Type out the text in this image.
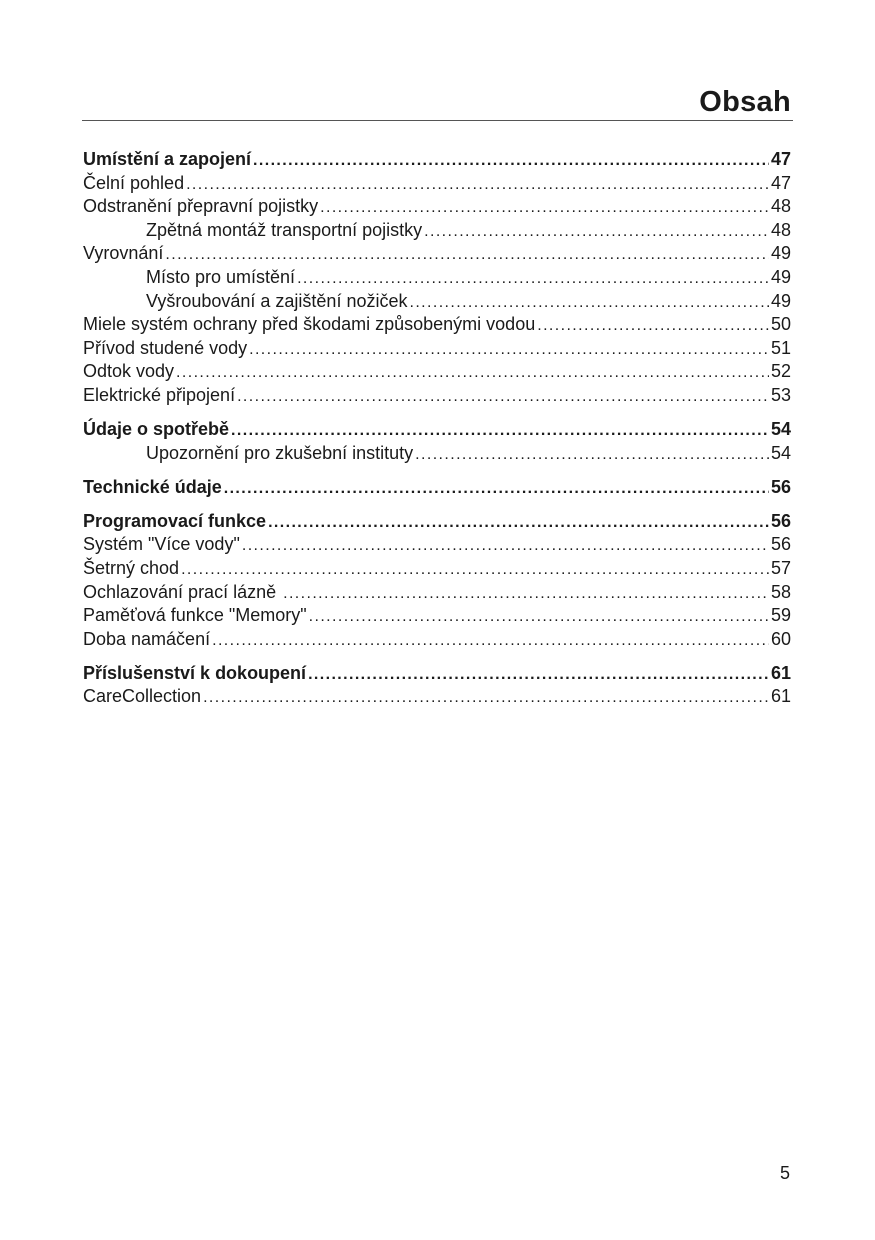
Obsah
Umístění a zapojení .....	47
Čelní pohled .....	47
Odstranění přepravní pojistky .....	48
Zpětná montáž transportní pojistky .....	48
Vyrovnání .....	49
Místo pro umístění .....	49
Vyšroubování a zajištění nožiček .....	49
Miele systém ochrany před škodami způsobenými vodou .....	50
Přívod studené vody .....	51
Odtok vody .....	52
Elektrické připojení .....	53
Údaje o spotřebě .....	54
Upozornění pro zkušební instituty .....	54
Technické údaje .....	56
Programovací funkce .....	56
Systém "Více vody" .....	56
Šetrný chod .....	57
Ochlazování prací lázně .....	58
Paměťová funkce "Memory" .....	59
Doba namáčení .....	60
Příslušenství k dokoupení .....	61
CareCollection .....	61
5
